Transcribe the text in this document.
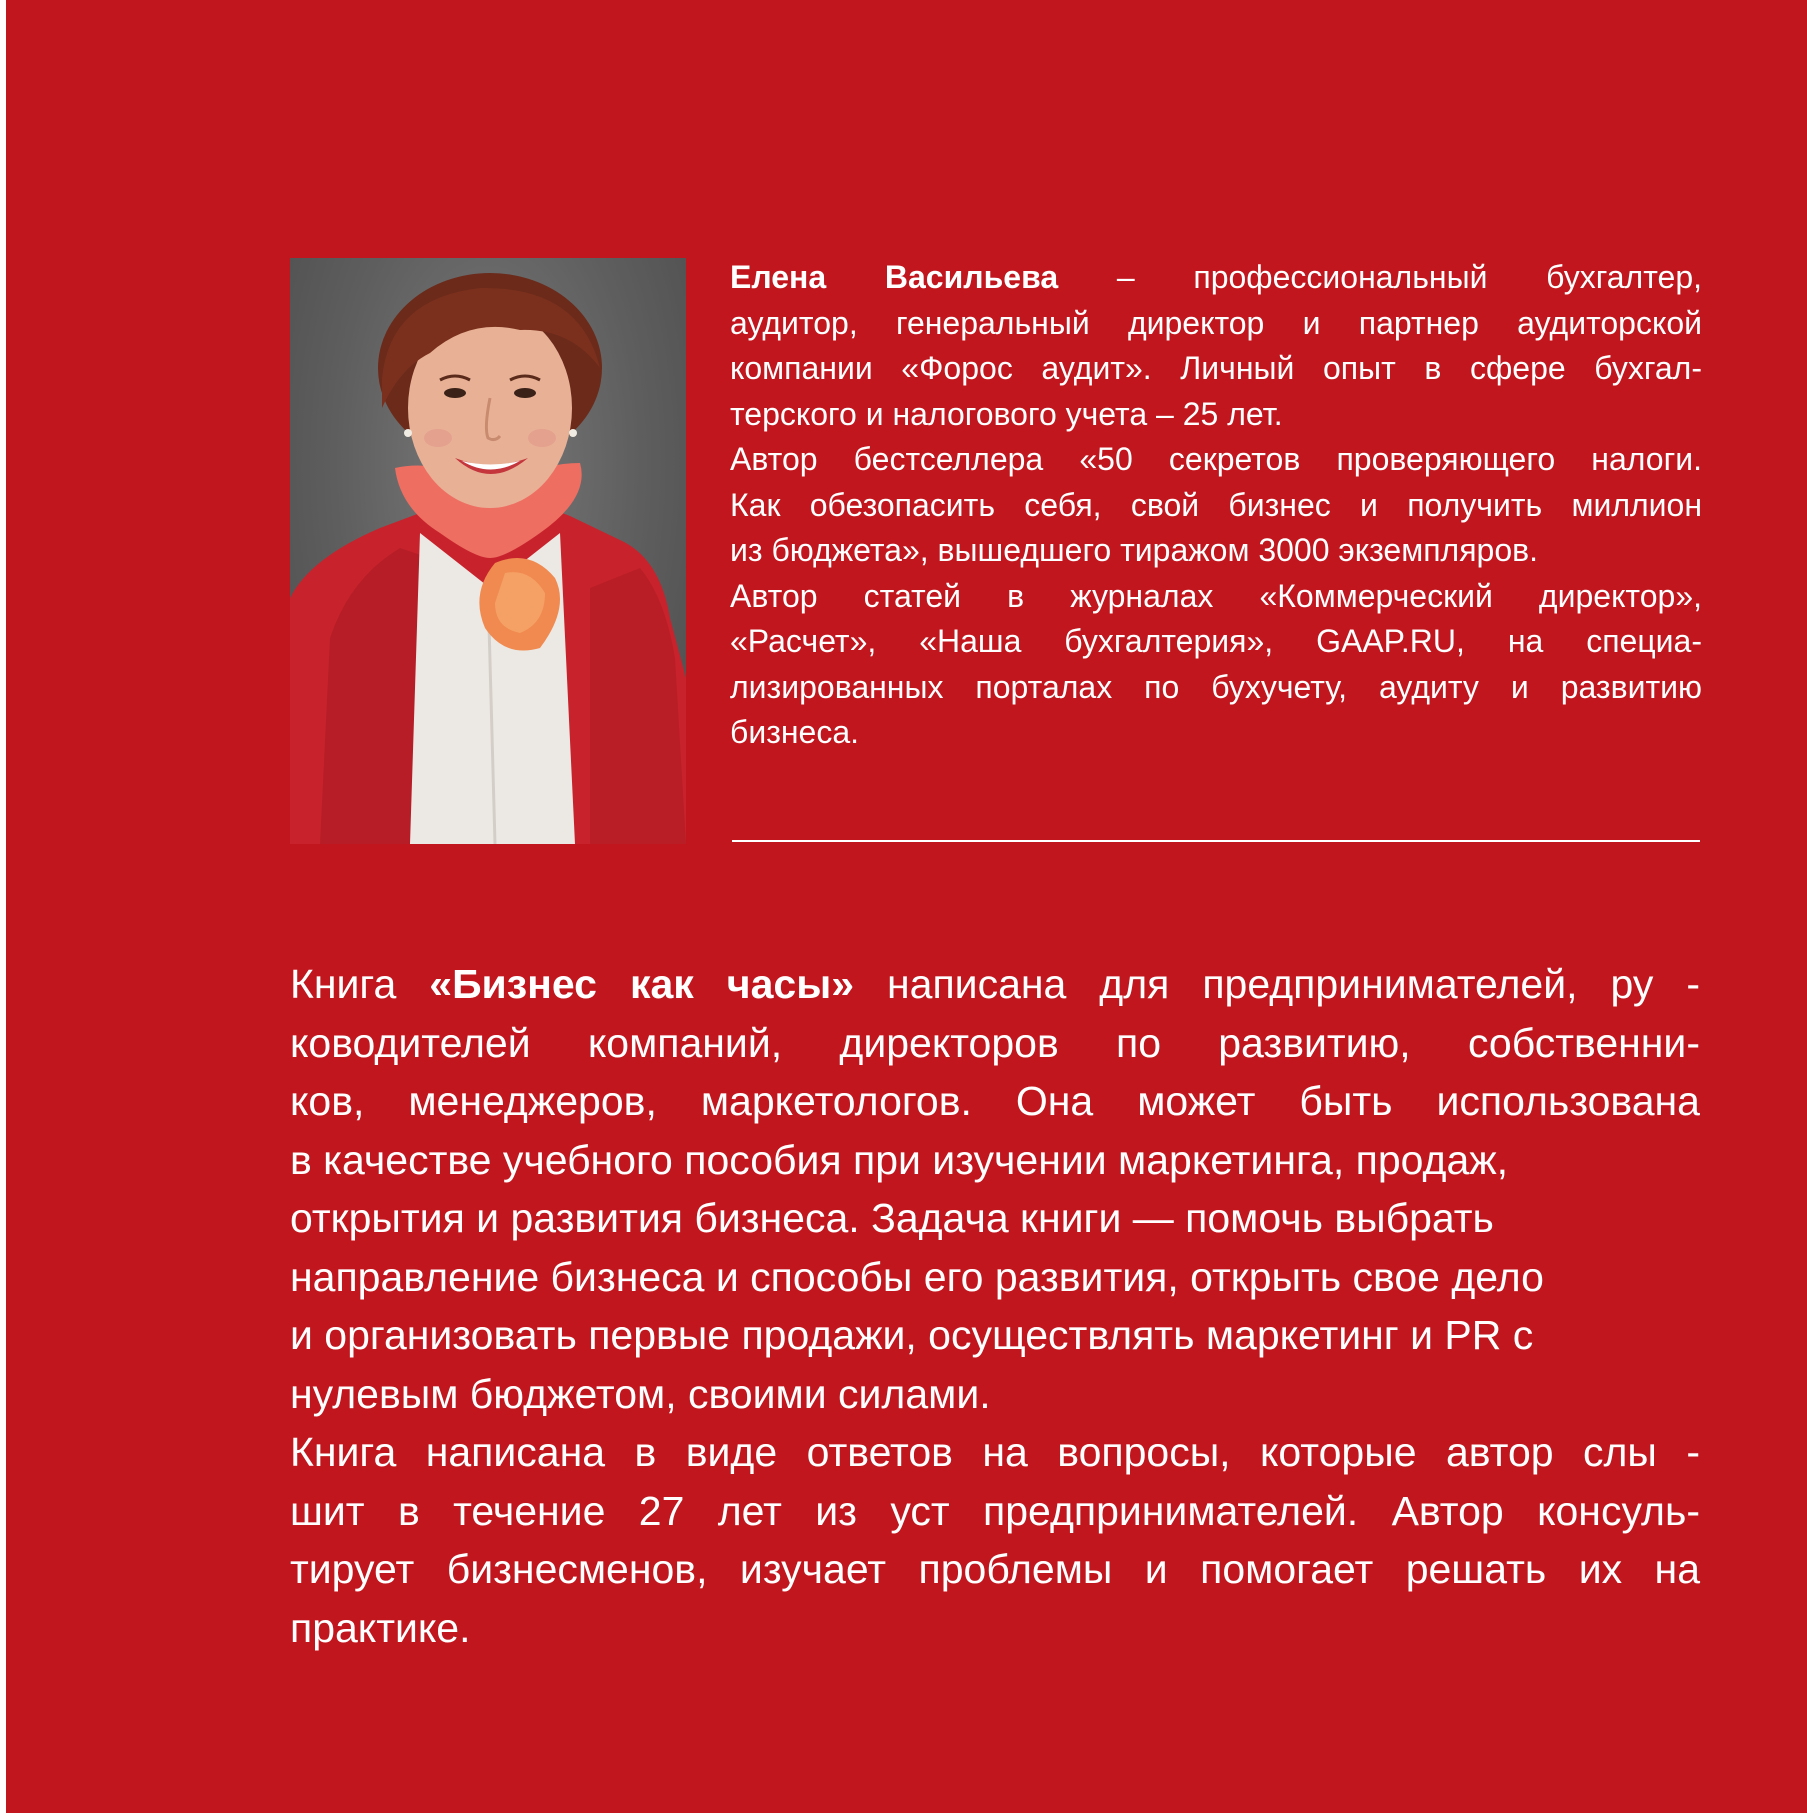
Елена Васильева – профессиональный бухгалтер,
аудитор, генеральный директор и партнер аудиторской
компании «Форос аудит». Личный опыт в сфере бухгал-
терского и налогового учета – 25 лет.
Автор бестселлера «50 секретов проверяющего налоги.
Как обезопасить себя, свой бизнес и получить миллион
из бюджета», вышедшего тиражом 3000 экземпляров.
Автор статей в журналах «Коммерческий директор»,
«Расчет», «Наша бухгалтерия», GAAP.RU, на специа-
лизированных порталах по бухучету, аудиту и развитию
бизнеса.
Книга «Бизнес как часы» написана для предпринимателей, ру -
ководителей компаний, директоров по развитию, собственни-
ков, менеджеров, маркетологов. Она может быть использована
в качестве учебного пособия при изучении маркетинга, продаж,
открытия и развития бизнеса. Задача книги — помочь выбрать
направление бизнеса и способы его развития, открыть свое дело
и организовать первые продажи, осуществлять маркетинг и PR с
нулевым бюджетом, своими силами.
Книга написана в виде ответов на вопросы, которые автор слы -
шит в течение 27 лет из уст предпринимателей. Автор консуль-
тирует бизнесменов, изучает проблемы и помогает решать их на
практике.
